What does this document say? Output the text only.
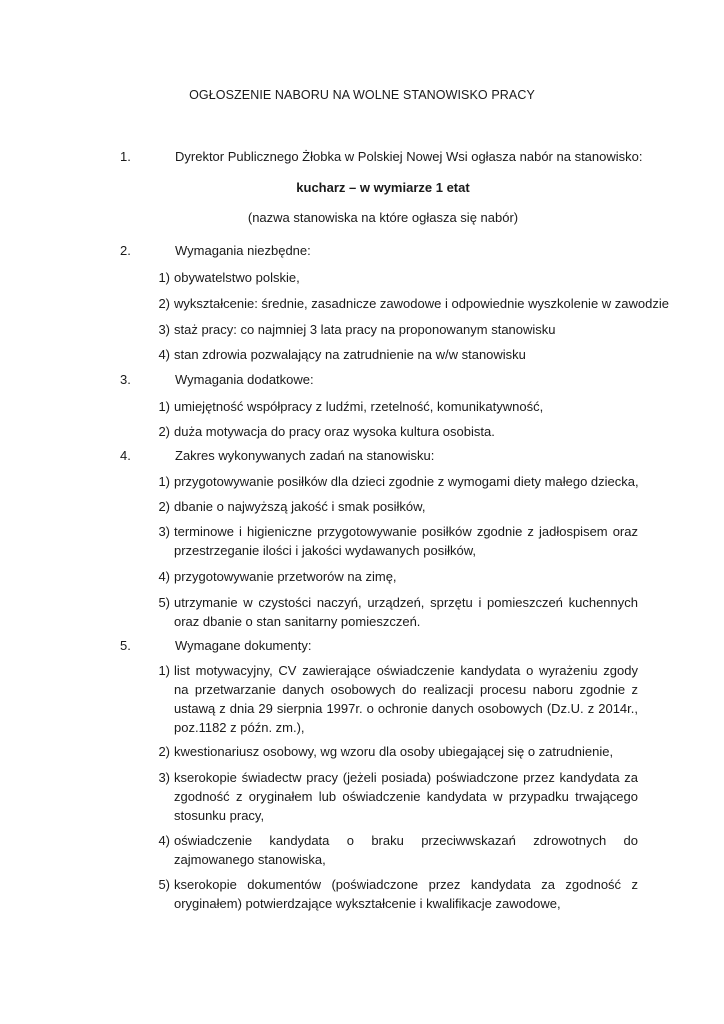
OGŁOSZENIE NABORU NA WOLNE STANOWISKO PRACY
1.	Dyrektor Publicznego Żłobka w Polskiej Nowej Wsi ogłasza nabór na stanowisko:
kucharz – w wymiarze 1 etat
(nazwa stanowiska na które ogłasza się nabór)
2.	Wymagania niezbędne:
1) obywatelstwo polskie,
2) wykształcenie: średnie, zasadnicze zawodowe i odpowiednie wyszkolenie w zawodzie
3) staż pracy: co najmniej 3 lata pracy na proponowanym stanowisku
4) stan zdrowia pozwalający na zatrudnienie na w/w stanowisku
3.	Wymagania dodatkowe:
1) umiejętność współpracy z ludźmi, rzetelność, komunikatywność,
2) duża motywacja do pracy oraz wysoka kultura osobista.
4.	Zakres wykonywanych zadań na stanowisku:
1) przygotowywanie posiłków dla dzieci zgodnie z wymogami diety małego dziecka,
2) dbanie o najwyższą jakość i smak posiłków,
3) terminowe i higieniczne przygotowywanie posiłków zgodnie z jadłospisem oraz przestrzeganie ilości i jakości wydawanych posiłków,
4) przygotowywanie przetworów na zimę,
5) utrzymanie w czystości naczyń, urządzeń, sprzętu i pomieszczeń kuchennych oraz dbanie o stan sanitarny pomieszczeń.
5.	Wymagane dokumenty:
1) list motywacyjny, CV zawierające oświadczenie kandydata o wyrażeniu zgody na przetwarzanie danych osobowych do realizacji procesu naboru zgodnie z ustawą z dnia 29 sierpnia 1997r. o ochronie danych osobowych (Dz.U. z 2014r., poz.1182 z późn. zm.),
2) kwestionariusz osobowy, wg wzoru dla osoby ubiegającej się o zatrudnienie,
3) kserokopie świadectw pracy (jeżeli posiada) poświadczone przez kandydata za zgodność z oryginałem lub oświadczenie kandydata w przypadku trwającego stosunku pracy,
4) oświadczenie kandydata o braku przeciwwskazań zdrowotnych do zajmowanego stanowiska,
5) kserokopie dokumentów (poświadczone przez kandydata za zgodność z oryginałem) potwierdzające wykształcenie i kwalifikacje zawodowe,
